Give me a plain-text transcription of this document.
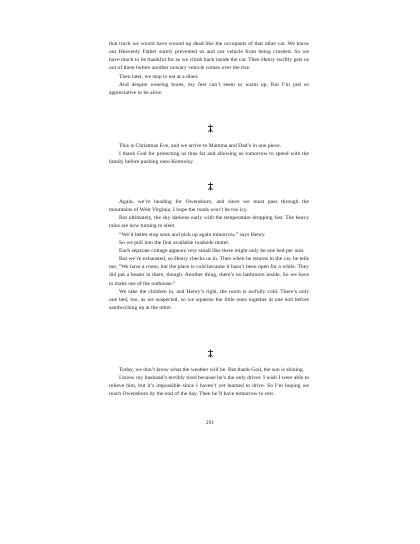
that truck we would have wound up dead like the occupants of that other car. We know our Heavenly Father surely prevented us and our vehicle from being crushed. So we have much to be thankful for as we climb back inside the car. Then Henry swiftly gets us out of there before another unwary vehicle comes over the rise.

Then later, we stop to eat at a diner.

And despite wearing boots, my feet can’t seem to warm up. But I’m just so appreciative to be alive.

This is Christmas Eve, and we arrive to Mamma and Dad’s in one piece.

I thank God for protecting us thus far and allowing us tomorrow to spend with the family before pushing onto Kentucky.

Again, we’re heading for Owensboro, and since we must pass through the mountains of West Virginia, I hope the roads won’t be too icy.

But ultimately, the sky darkens early with the temperature dropping fast. The heavy rains are now turning to sleet.

“We’d better stop soon and pick up again tomorrow,” says Henry.

So we pull into the first available roadside motel.

Each separate cottage appears very small like there might only be one bed per unit.

But we’re exhausted, so Henry checks us in. Then when he returns to the car, he tells me, “We have a room, but the place is cold because it hasn’t been open for a while. They did put a heater in there, though. Another thing, there’s no bathroom inside. So we have to make use of the outhouse.”

We take the children in, and Henry’s right, the room is awfully cold. There’s only one bed, too, as we suspected, so we squeeze the little ones together at one end before sandwiching up at the other.

Today, we don’t know what the weather will be. But thank God, the sun is shining.

I know my husband’s terribly tired because he’s the only driver. I wish I were able to relieve him, but it’s impossible since I haven’t yet learned to drive. So I’m hoping we reach Owensboro by the end of the day. Then he’ll have tomorrow to rest.

291
